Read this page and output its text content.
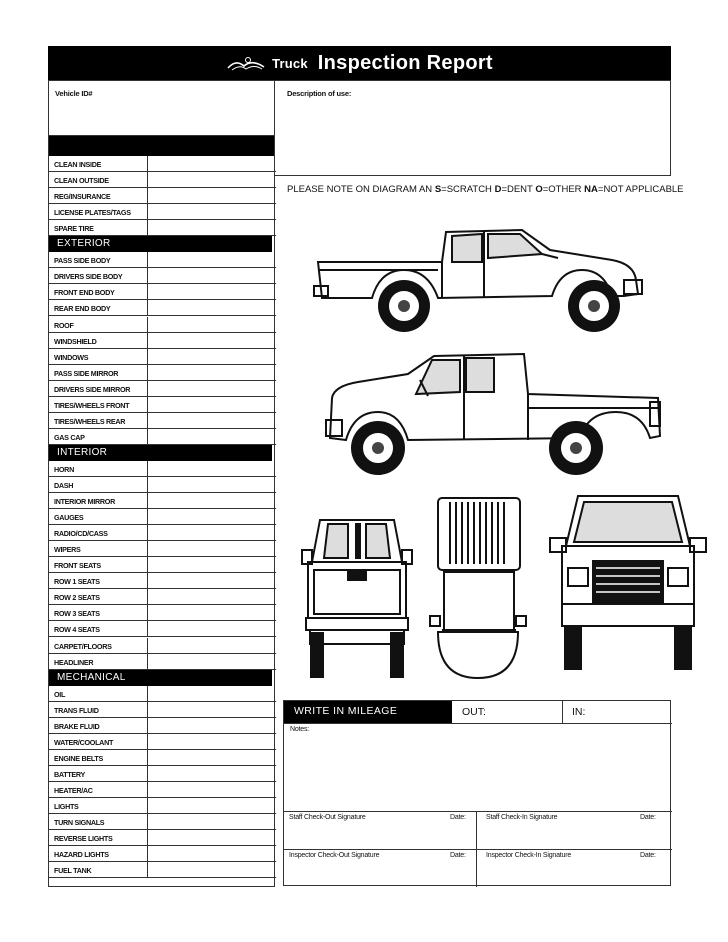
Truck Inspection Report
Vehicle ID#	Description of use:
CLEAN INSIDE
CLEAN OUTSIDE
REG/INSURANCE
LICENSE PLATES/TAGS
SPARE TIRE
EXTERIOR
PASS SIDE BODY
DRIVERS SIDE BODY
FRONT END BODY
REAR END BODY
ROOF
WINDSHIELD
WINDOWS
PASS SIDE MIRROR
DRIVERS SIDE MIRROR
TIRES/WHEELS FRONT
TIRES/WHEELS REAR
GAS CAP
INTERIOR
HORN
DASH
INTERIOR MIRROR
GAUGES
RADIO/CD/CASS
WIPERS
FRONT SEATS
ROW 1 SEATS
ROW 2 SEATS
ROW 3 SEATS
ROW 4 SEATS
CARPET/FLOORS
HEADLINER
MECHANICAL
OIL
TRANS FLUID
BRAKE FLUID
WATER/COOLANT
ENGINE BELTS
BATTERY
HEATER/AC
LIGHTS
TURN SIGNALS
REVERSE LIGHTS
HAZARD LIGHTS
FUEL TANK
PLEASE NOTE ON DIAGRAM AN S=SCRATCH D=DENT O=OTHER NA=NOT APPLICABLE
WRITE IN MILEAGE	OUT:	IN:
Notes:
Staff Check-Out Signature	Date:	Staff Check-In Signature	Date:
Inspector Check-Out Signature	Date:	Inspector Check-In Signature	Date:
